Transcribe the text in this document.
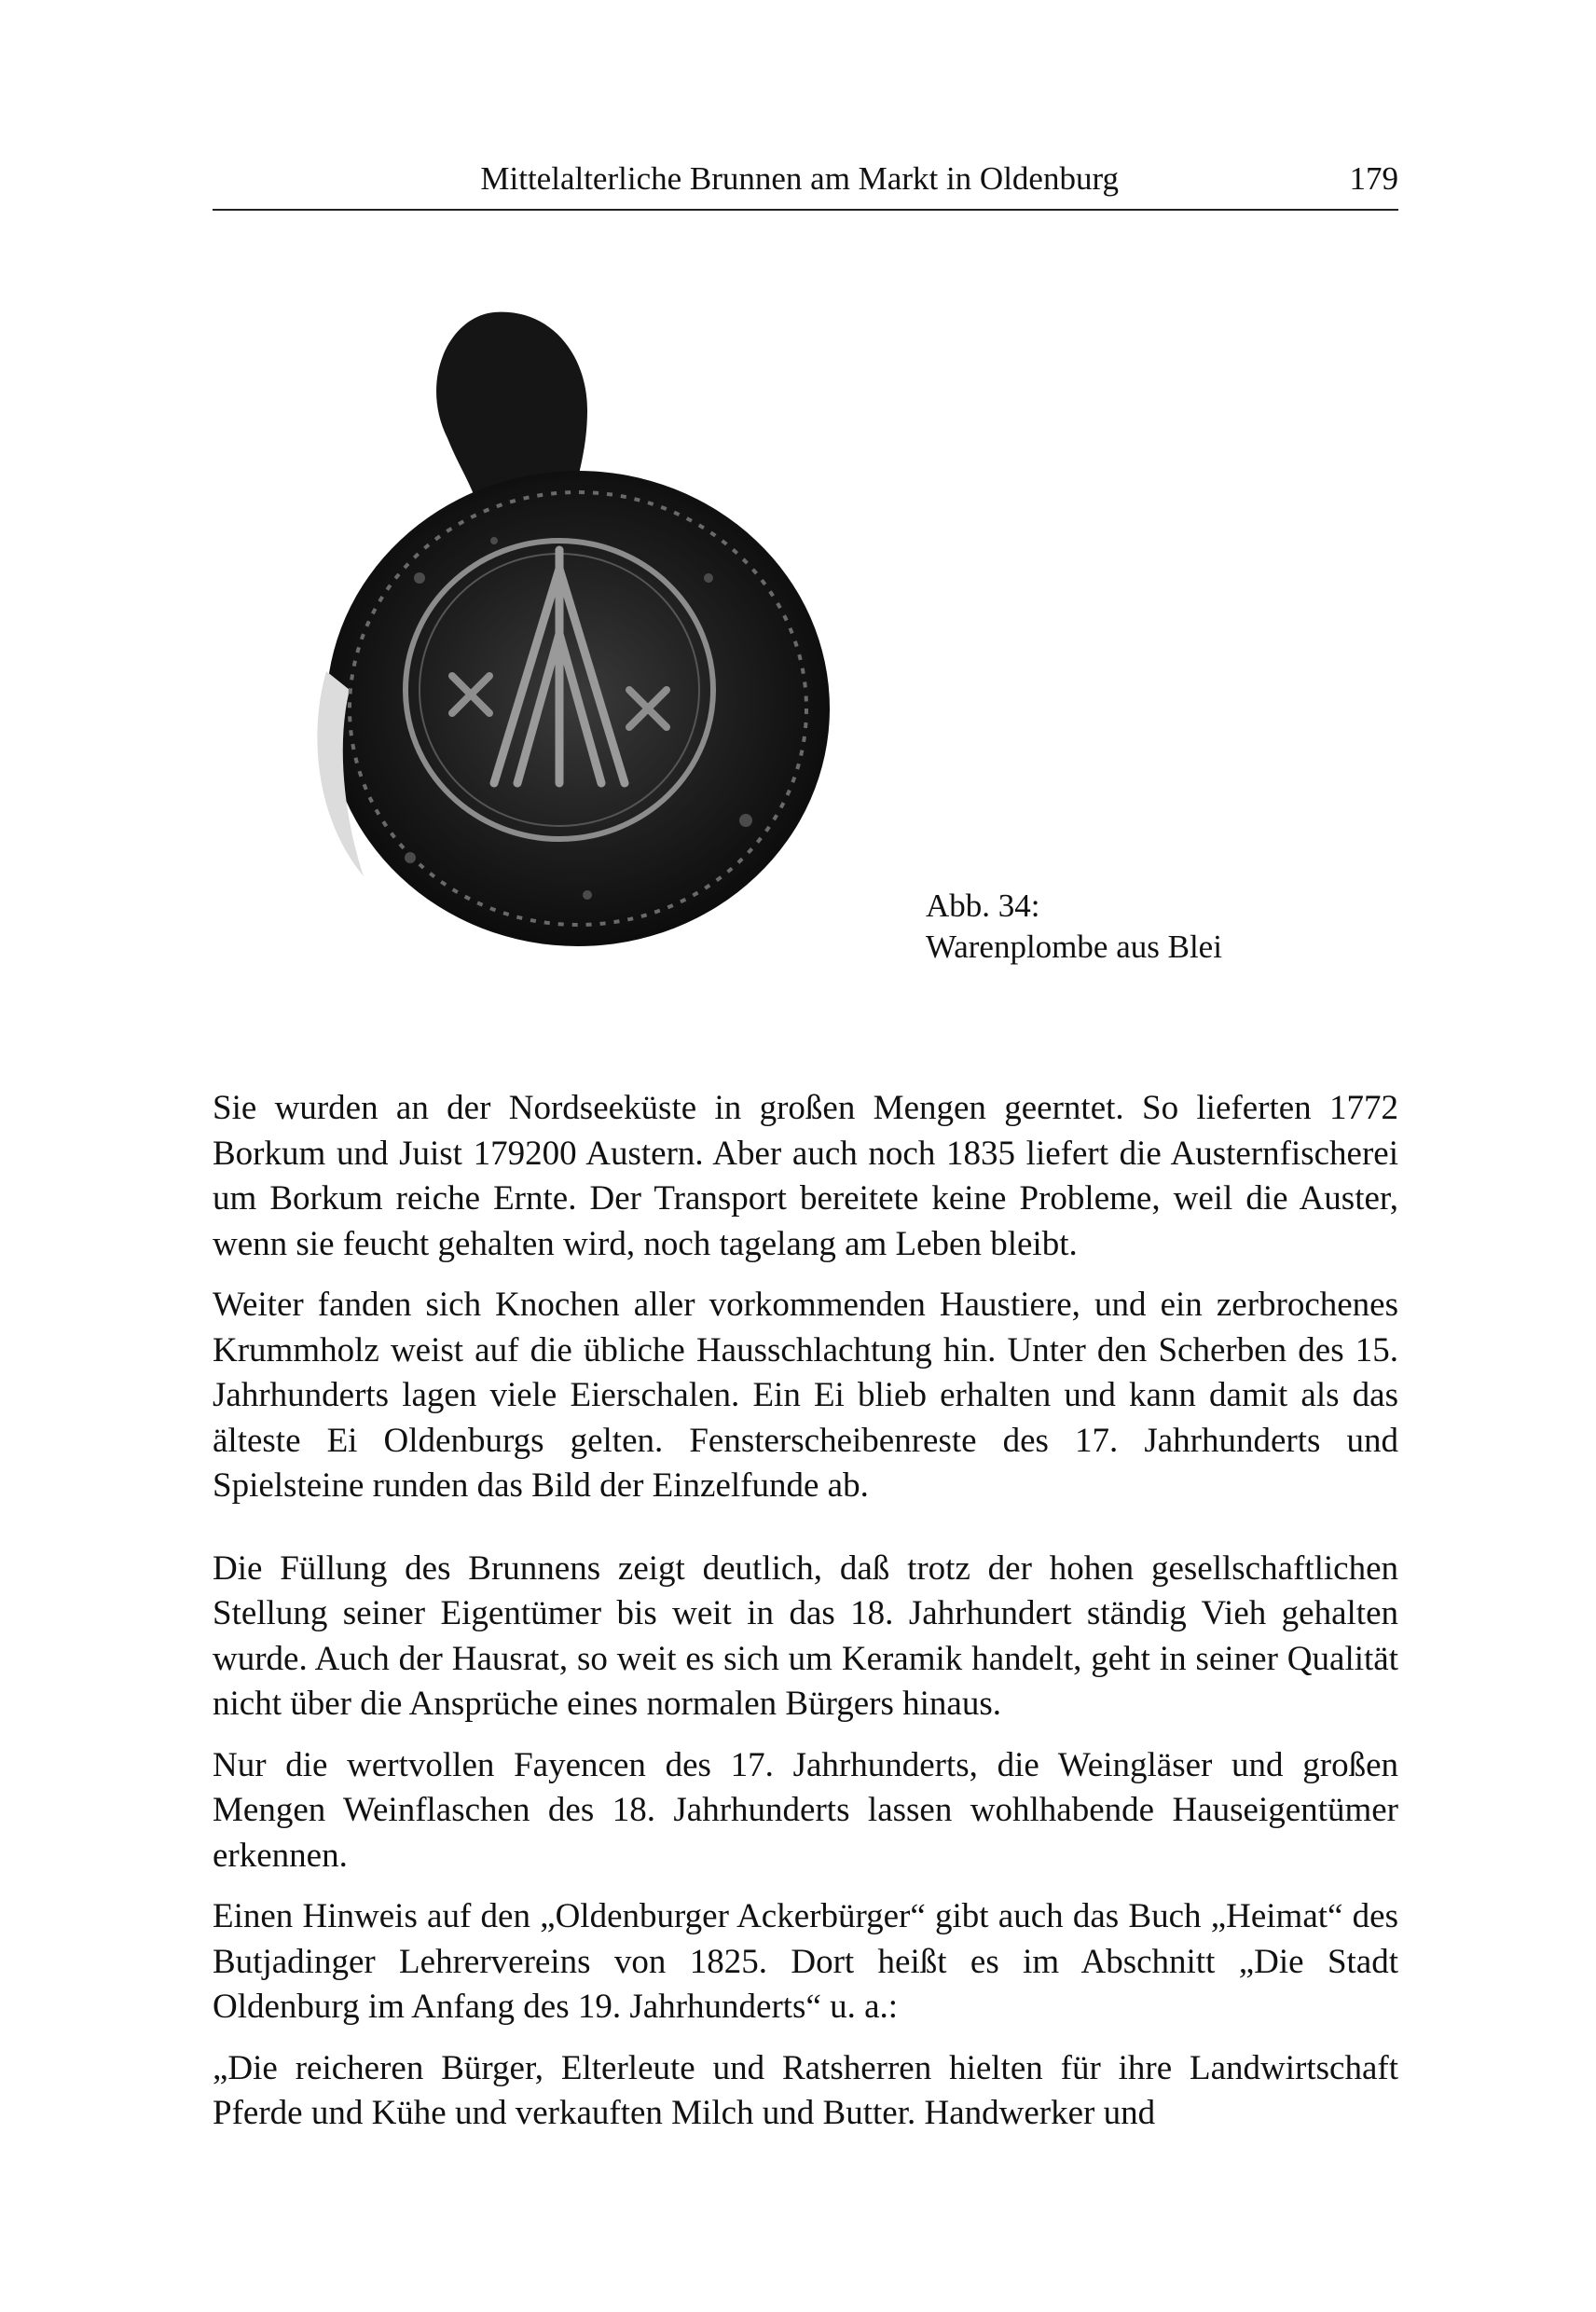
Mittelalterliche Brunnen am Markt in Oldenburg	179
Abb. 34:
Warenplombe aus Blei

Sie wurden an der Nordseeküste in großen Mengen geerntet. So lieferten 1772 Borkum und Juist 179200 Austern. Aber auch noch 1835 liefert die Austernfischerei um Borkum reiche Ernte. Der Transport bereitete keine Probleme, weil die Auster, wenn sie feucht gehalten wird, noch tagelang am Leben bleibt.

Weiter fanden sich Knochen aller vorkommenden Haustiere, und ein zerbrochenes Krummholz weist auf die übliche Hausschlachtung hin. Unter den Scherben des 15. Jahrhunderts lagen viele Eierschalen. Ein Ei blieb erhalten und kann damit als das älteste Ei Oldenburgs gelten. Fensterscheibenreste des 17. Jahrhunderts und Spielsteine runden das Bild der Einzelfunde ab.

Die Füllung des Brunnens zeigt deutlich, daß trotz der hohen gesellschaftlichen Stellung seiner Eigentümer bis weit in das 18. Jahrhundert ständig Vieh gehalten wurde. Auch der Hausrat, so weit es sich um Keramik handelt, geht in seiner Qualität nicht über die Ansprüche eines normalen Bürgers hinaus.

Nur die wertvollen Fayencen des 17. Jahrhunderts, die Weingläser und großen Mengen Weinflaschen des 18. Jahrhunderts lassen wohlhabende Hauseigentümer erkennen.

Einen Hinweis auf den „Oldenburger Ackerbürger“ gibt auch das Buch „Heimat“ des Butjadinger Lehrervereins von 1825. Dort heißt es im Abschnitt „Die Stadt Oldenburg im Anfang des 19. Jahrhunderts“ u. a.:

„Die reicheren Bürger, Elterleute und Ratsherren hielten für ihre Landwirtschaft Pferde und Kühe und verkauften Milch und Butter. Handwerker und
